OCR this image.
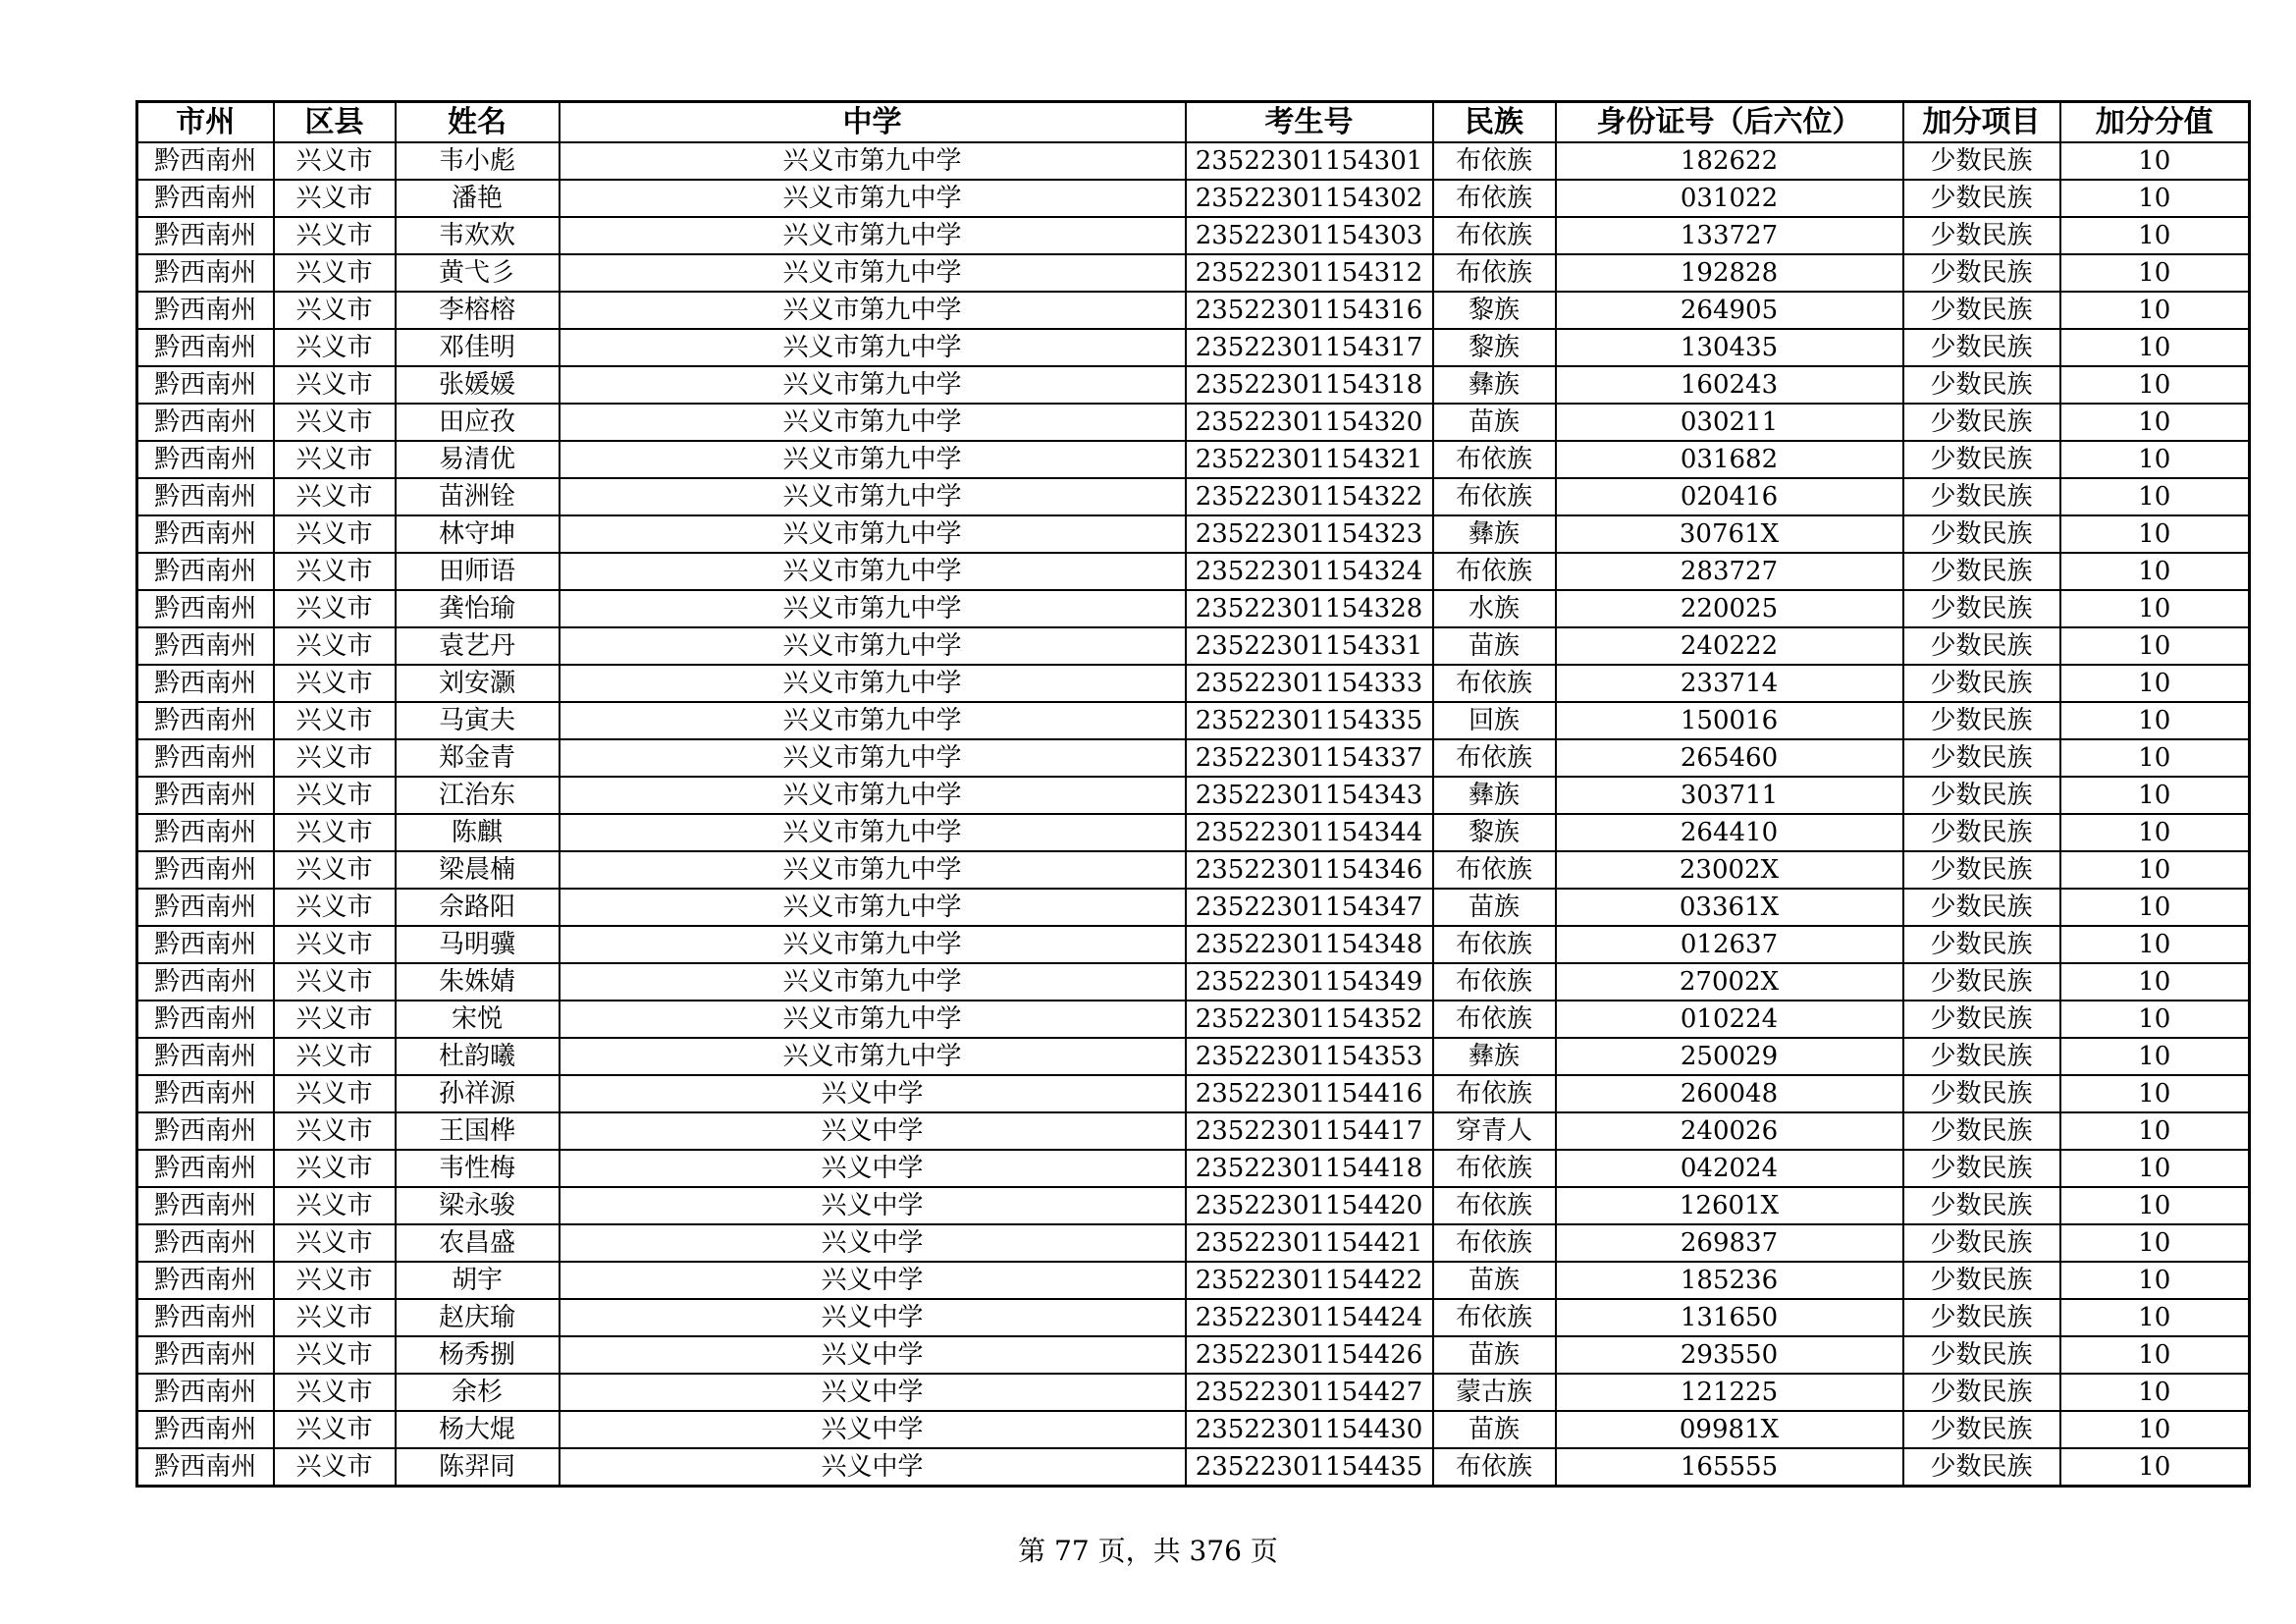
市州	区县	姓名	中学	考生号	民族	身份证号（后六位）	加分项目	加分分值
黔西南州	兴义市	韦小彪	兴义市第九中学	23522301154301	布依族	182622	少数民族	10
黔西南州	兴义市	潘艳	兴义市第九中学	23522301154302	布依族	031022	少数民族	10
黔西南州	兴义市	韦欢欢	兴义市第九中学	23522301154303	布依族	133727	少数民族	10
黔西南州	兴义市	黄弋彡	兴义市第九中学	23522301154312	布依族	192828	少数民族	10
黔西南州	兴义市	李榕榕	兴义市第九中学	23522301154316	黎族	264905	少数民族	10
黔西南州	兴义市	邓佳明	兴义市第九中学	23522301154317	黎族	130435	少数民族	10
黔西南州	兴义市	张媛媛	兴义市第九中学	23522301154318	彝族	160243	少数民族	10
黔西南州	兴义市	田应孜	兴义市第九中学	23522301154320	苗族	030211	少数民族	10
黔西南州	兴义市	易清优	兴义市第九中学	23522301154321	布依族	031682	少数民族	10
黔西南州	兴义市	苗洲铨	兴义市第九中学	23522301154322	布依族	020416	少数民族	10
黔西南州	兴义市	林守坤	兴义市第九中学	23522301154323	彝族	30761X	少数民族	10
黔西南州	兴义市	田师语	兴义市第九中学	23522301154324	布依族	283727	少数民族	10
黔西南州	兴义市	龚怡瑜	兴义市第九中学	23522301154328	水族	220025	少数民族	10
黔西南州	兴义市	袁艺丹	兴义市第九中学	23522301154331	苗族	240222	少数民族	10
黔西南州	兴义市	刘安灏	兴义市第九中学	23522301154333	布依族	233714	少数民族	10
黔西南州	兴义市	马寅夫	兴义市第九中学	23522301154335	回族	150016	少数民族	10
黔西南州	兴义市	郑金青	兴义市第九中学	23522301154337	布依族	265460	少数民族	10
黔西南州	兴义市	江治东	兴义市第九中学	23522301154343	彝族	303711	少数民族	10
黔西南州	兴义市	陈麒	兴义市第九中学	23522301154344	黎族	264410	少数民族	10
黔西南州	兴义市	梁晨楠	兴义市第九中学	23522301154346	布依族	23002X	少数民族	10
黔西南州	兴义市	佘路阳	兴义市第九中学	23522301154347	苗族	03361X	少数民族	10
黔西南州	兴义市	马明骥	兴义市第九中学	23522301154348	布依族	012637	少数民族	10
黔西南州	兴义市	朱姝婧	兴义市第九中学	23522301154349	布依族	27002X	少数民族	10
黔西南州	兴义市	宋悦	兴义市第九中学	23522301154352	布依族	010224	少数民族	10
黔西南州	兴义市	杜韵曦	兴义市第九中学	23522301154353	彝族	250029	少数民族	10
黔西南州	兴义市	孙祥源	兴义中学	23522301154416	布依族	260048	少数民族	10
黔西南州	兴义市	王国桦	兴义中学	23522301154417	穿青人	240026	少数民族	10
黔西南州	兴义市	韦性梅	兴义中学	23522301154418	布依族	042024	少数民族	10
黔西南州	兴义市	梁永骏	兴义中学	23522301154420	布依族	12601X	少数民族	10
黔西南州	兴义市	农昌盛	兴义中学	23522301154421	布依族	269837	少数民族	10
黔西南州	兴义市	胡宇	兴义中学	23522301154422	苗族	185236	少数民族	10
黔西南州	兴义市	赵庆瑜	兴义中学	23522301154424	布依族	131650	少数民族	10
黔西南州	兴义市	杨秀捌	兴义中学	23522301154426	苗族	293550	少数民族	10
黔西南州	兴义市	余杉	兴义中学	23522301154427	蒙古族	121225	少数民族	10
黔西南州	兴义市	杨大焜	兴义中学	23522301154430	苗族	09981X	少数民族	10
黔西南州	兴义市	陈羿同	兴义中学	23522301154435	布依族	165555	少数民族	10
第 77 页，共 376 页
